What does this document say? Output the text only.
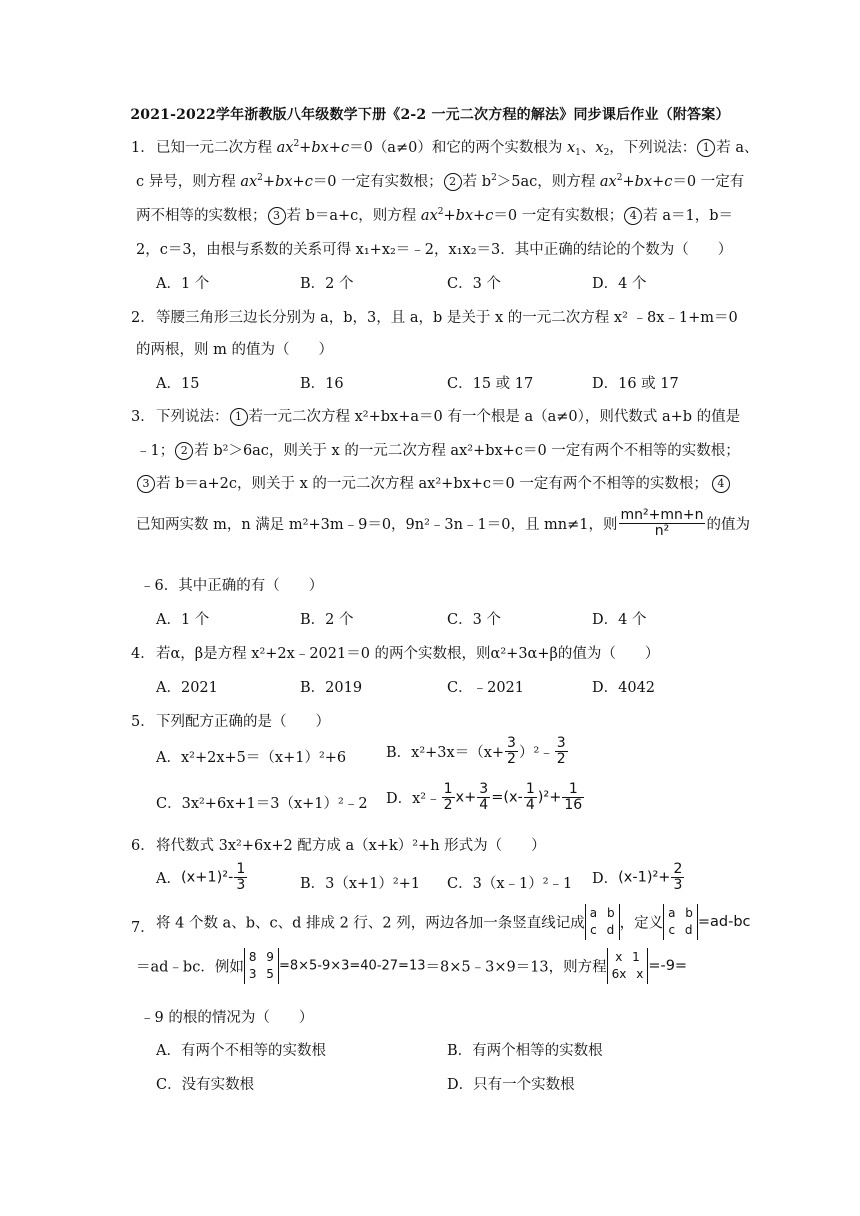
2021-2022学年浙教版八年级数学下册《2-2 一元二次方程的解法》同步课后作业（附答案）
1． 已知一元二次方程 $ax^2+bx+c=0(a\ne 0)$和它的两个实数根为 $x_1$、$x_2$，下列说法： 1 若 a、
c 异号，则方程 $ax^2+bx+c=0$ 一定有实数根； 2 若 $b^2>5ac$，则方程 $ax^2+bx+c=0$ 一定有
两不相等的实数根； 3 若 b＝a+c，则方程 $ax^2+bx+c=0$ 一定有实数根； 4 若 a＝1，b＝
2，c＝3，由根与系数的关系可得 x₁+x₂＝﹣2，x₁x₂＝3．其中正确的结论的个数为（　　）
A．1 个	B．2 个	C．3 个	D．4 个
2． 等腰三角形三边长分别为 a，b，3，且 a，b 是关于 x 的一元二次方程 x² ﹣8x﹣1+m＝0
的两根，则 m 的值为（　　）
A．15	B．16	C．15 或 17	D．16 或 17
3． 下列说法： 1 若一元二次方程 x²+bx+a＝0 有一个根是 a（a≠0），则代数式 a+b 的值是
﹣1； 2 若 b²＞6ac，则关于 x 的一元二次方程 ax²+bx+c＝0 一定有两个不相等的实数根；
3 若 b＝a+2c，则关于 x 的一元二次方程 ax²+bx+c＝0 一定有两个不相等的实数根； 4
已知两实数 m，n 满足 m²+3m﹣9＝0，9n²﹣3n﹣1＝0，且 mn≠1，则 $\frac{\text{mn²+mn+n}}{\text{n²}}$ 的值为
﹣6．其中正确的有（　　）
A．1 个	B．2 个	C．3 个	D．4 个
4． 若α，β是方程 x²+2x﹣2021＝0 的两个实数根，则α²+3α+β的值为（　　）
A．2021	B．2019	C．﹣2021	D．4042
5． 下列配方正确的是（　　）
A．x²+2x+5＝（x+1）²+6	B．$x^2+3x=(x+ \frac{3}{2}$ ）²﹣ $\frac{3}{2}$
C．3x²+6x+1＝3（x+1）²﹣2 D．x²﹣ $\frac{1}{2} x+ \frac{3}{4} =(x- \frac{1}{4} )^2+ \frac{1}{16}$
6． 将代数式 3x²+6x+2 配方成 a（x+k）²+h 形式为（　　）
A．$(x+1)^2- \frac{1}{3}$	B．3（x+1）²+1 C．3（x﹣1）²﹣1 D．$(x-1)^2+ \frac{2}{3}$
7． 将 4 个数 a、b、c、d 排成 2 行、2 列，两边各加一条竖直线记成
a b
c d ，定义
a b
c d =ad-bc
＝ad﹣bc．例如
8 9
3 5
=8×5-9×3=40-27=13＝8×5﹣3×9＝13，则方程
x 1
6x x =-9=
﹣9 的根的情况为（　　）
A．有两个不相等的实数根	B．有两个相等的实数根
C．没有实数根	D．只有一个实数根
